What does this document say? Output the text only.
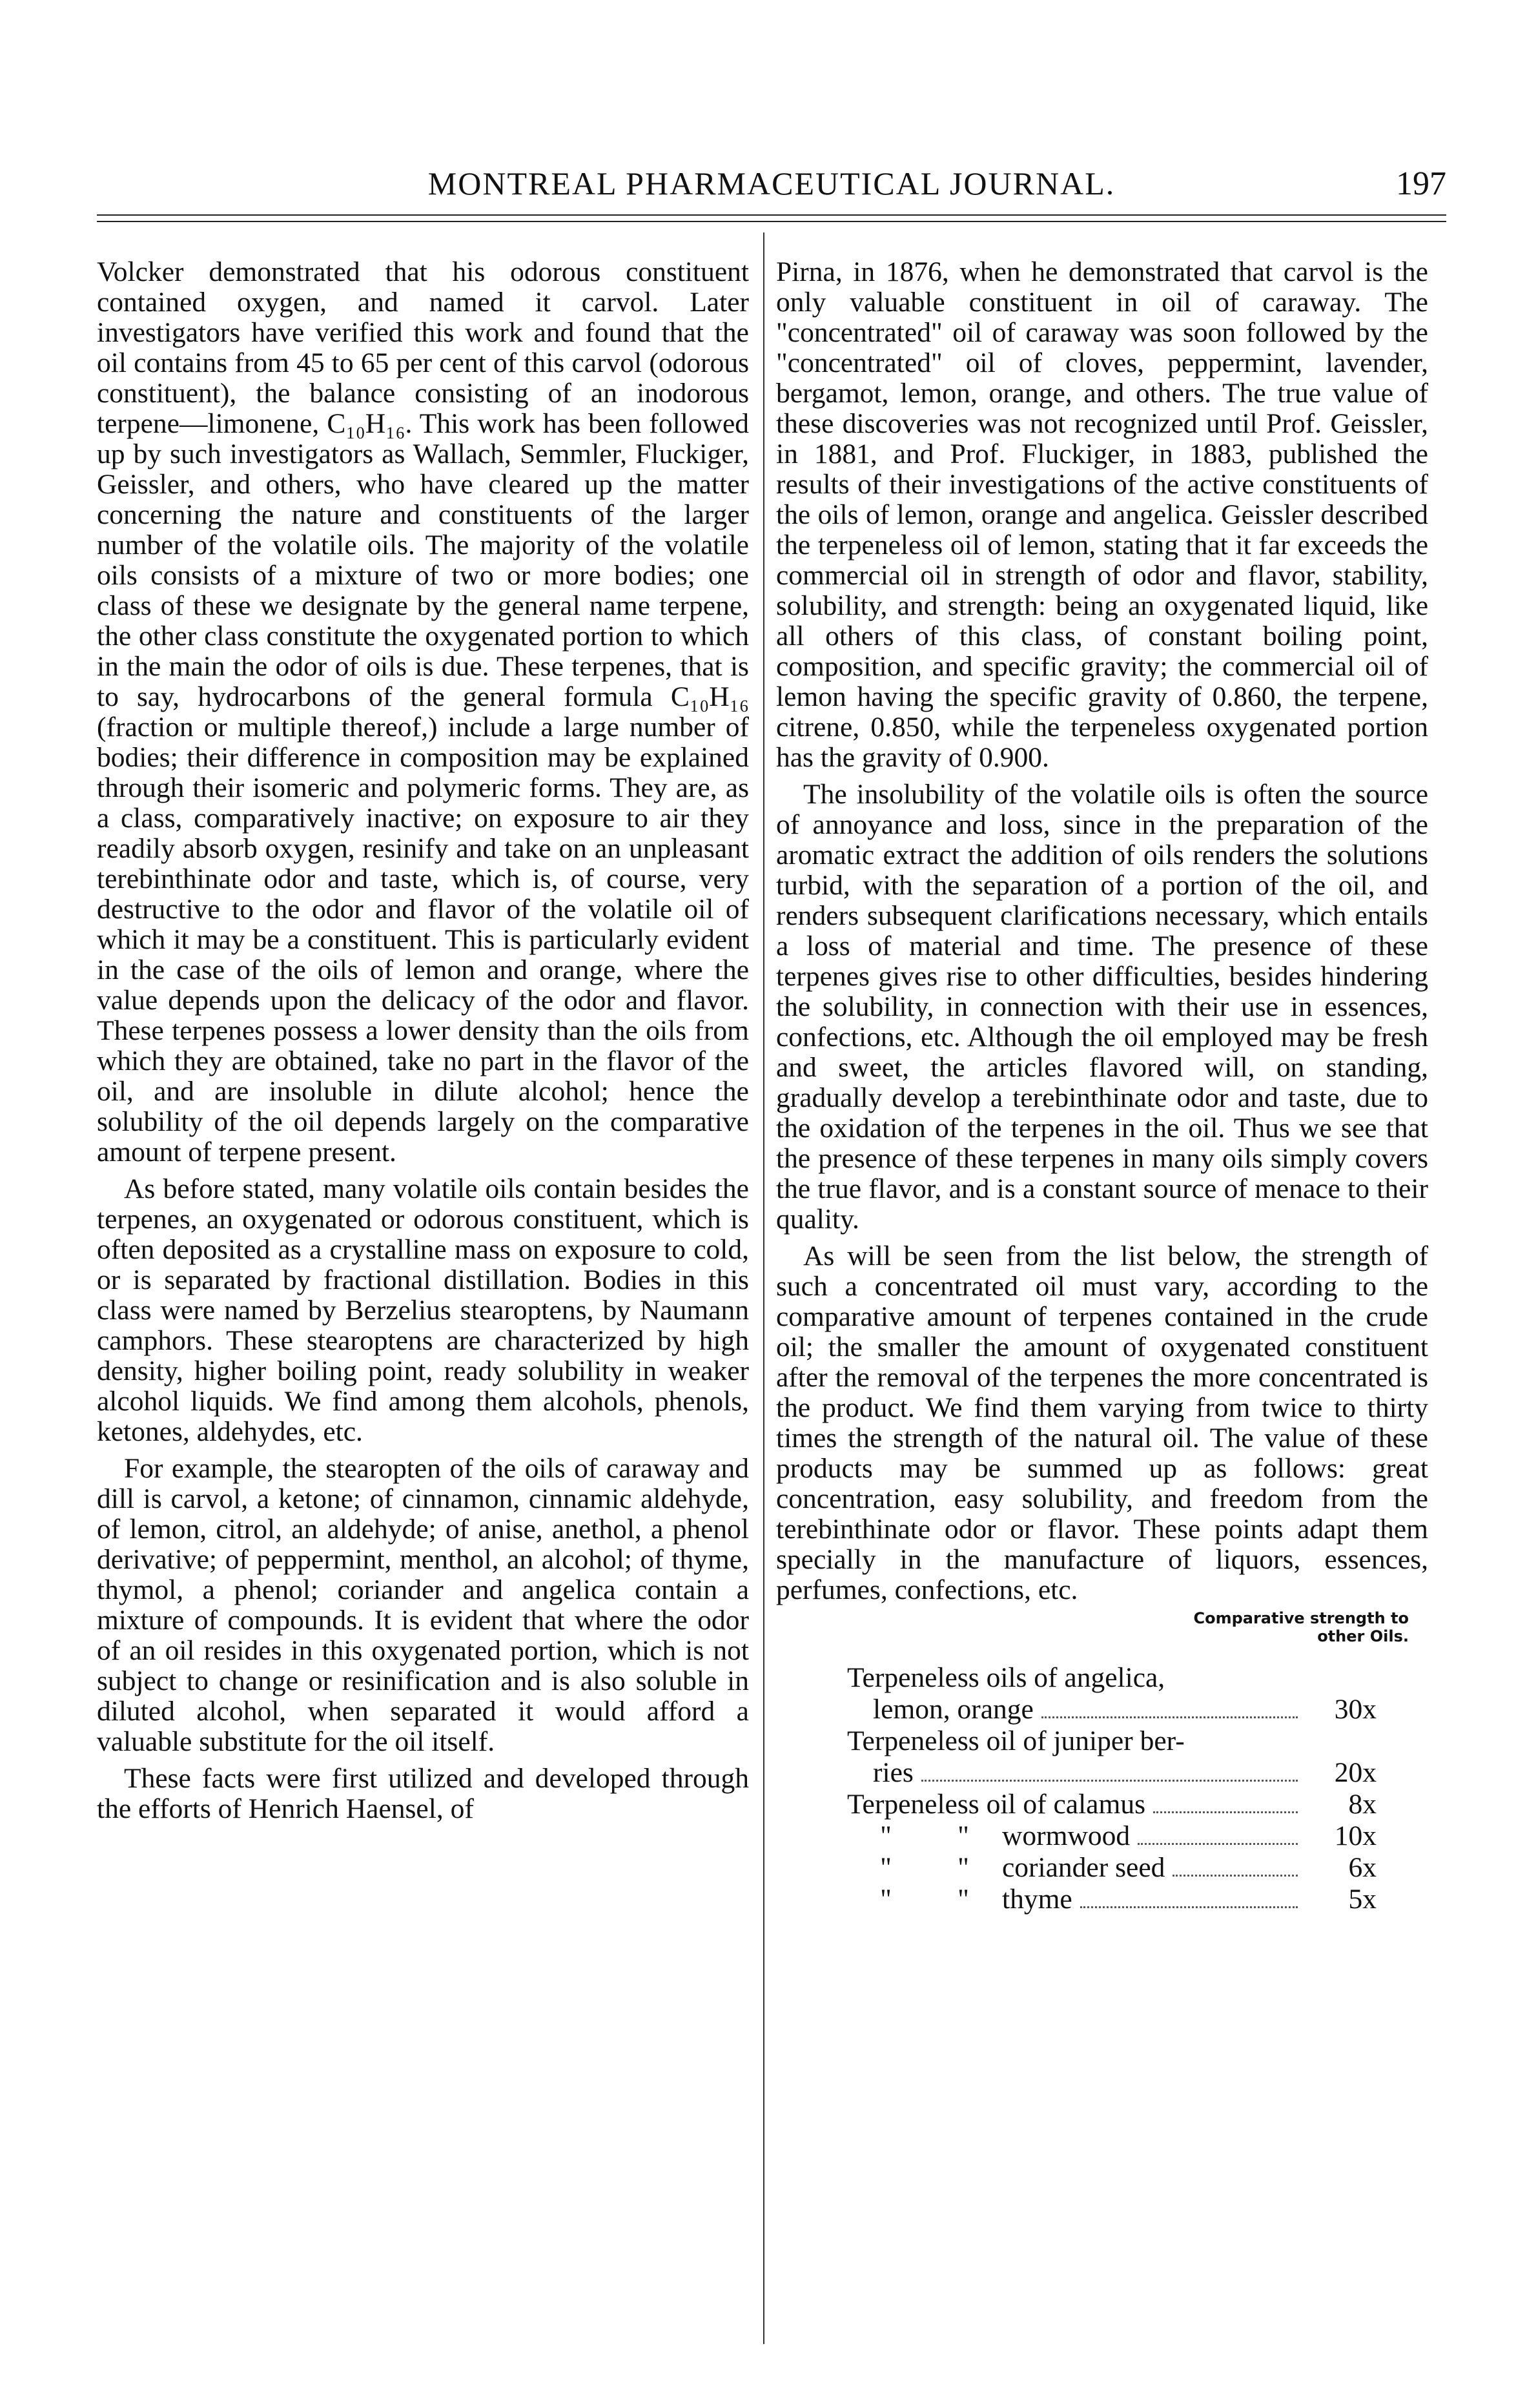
MONTREAL PHARMACEUTICAL JOURNAL.	197

Volcker demonstrated that his odorous constituent contained oxygen, and named it carvol. Later investigators have verified this work and found that the oil contains from 45 to 65 per cent of this carvol (odorous constituent), the balance consisting of an inodorous terpene—limonene, C₁₀H₁₆. This work has been followed up by such investigators as Wallach, Semmler, Fluckiger, Geissler, and others, who have cleared up the matter concerning the nature and constituents of the larger number of the volatile oils. The majority of the volatile oils consists of a mixture of two or more bodies; one class of these we designate by the general name terpene, the other class constitute the oxygenated portion to which in the main the odor of oils is due. These terpenes, that is to say, hydrocarbons of the general formula C₁₀H₁₆ (fraction or multiple thereof,) include a large number of bodies; their difference in composition may be explained through their isomeric and polymeric forms. They are, as a class, comparatively inactive; on exposure to air they readily absorb oxygen, resinify and take on an unpleasant terebinthinate odor and taste, which is, of course, very destructive to the odor and flavor of the volatile oil of which it may be a constituent. This is particularly evident in the case of the oils of lemon and orange, where the value depends upon the delicacy of the odor and flavor. These terpenes possess a lower density than the oils from which they are obtained, take no part in the flavor of the oil, and are insoluble in dilute alcohol; hence the solubility of the oil depends largely on the comparative amount of terpene present.

As before stated, many volatile oils contain besides the terpenes, an oxygenated or odorous constituent, which is often deposited as a crystalline mass on exposure to cold, or is separated by fractional distillation. Bodies in this class were named by Berzelius stearoptens, by Naumann camphors. These stearoptens are characterized by high density, higher boiling point, ready solubility in weaker alcohol liquids. We find among them alcohols, phenols, ketones, aldehydes, etc.

For example, the stearopten of the oils of caraway and dill is carvol, a ketone; of cinnamon, cinnamic aldehyde, of lemon, citrol, an aldehyde; of anise, anethol, a phenol derivative; of peppermint, menthol, an alcohol; of thyme, thymol, a phenol; coriander and angelica contain a mixture of compounds. It is evident that where the odor of an oil resides in this oxygenated portion, which is not subject to change or resinification and is also soluble in diluted alcohol, when separated it would afford a valuable substitute for the oil itself.

These facts were first utilized and developed through the efforts of Henrich Haensel, of

Pirna, in 1876, when he demonstrated that carvol is the only valuable constituent in oil of caraway. The "concentrated" oil of caraway was soon followed by the "concentrated" oil of cloves, peppermint, lavender, bergamot, lemon, orange, and others. The true value of these discoveries was not recognized until Prof. Geissler, in 1881, and Prof. Fluckiger, in 1883, published the results of their investigations of the active constituents of the oils of lemon, orange and angelica. Geissler described the terpeneless oil of lemon, stating that it far exceeds the commercial oil in strength of odor and flavor, stability, solubility, and strength: being an oxygenated liquid, like all others of this class, of constant boiling point, composition, and specific gravity; the commercial oil of lemon having the specific gravity of 0.860, the terpene, citrene, 0.850, while the terpeneless oxygenated portion has the gravity of 0.900.

The insolubility of the volatile oils is often the source of annoyance and loss, since in the preparation of the aromatic extract the addition of oils renders the solutions turbid, with the separation of a portion of the oil, and renders subsequent clarifications necessary, which entails a loss of material and time. The presence of these terpenes gives rise to other difficulties, besides hindering the solubility, in connection with their use in essences, confections, etc. Although the oil employed may be fresh and sweet, the articles flavored will, on standing, gradually develop a terebinthinate odor and taste, due to the oxidation of the terpenes in the oil. Thus we see that the presence of these terpenes in many oils simply covers the true flavor, and is a constant source of menace to their quality.

As will be seen from the list below, the strength of such a concentrated oil must vary, according to the comparative amount of terpenes contained in the crude oil; the smaller the amount of oxygenated constituent after the removal of the terpenes the more concentrated is the product. We find them varying from twice to thirty times the strength of the natural oil. The value of these products may be summed up as follows: great concentration, easy solubility, and freedom from the terebinthinate odor or flavor. These points adapt them specially in the manufacture of liquors, essences, perfumes, confections, etc.

Comparative strength to
other Oils.
Terpeneless oils of angelica,
lemon, orange	30x
Terpeneless oil of juniper ber-
ries	20x
Terpeneless oil of calamus	8x
" " wormwood	10x
" " coriander seed	6x
" " thyme	5x
